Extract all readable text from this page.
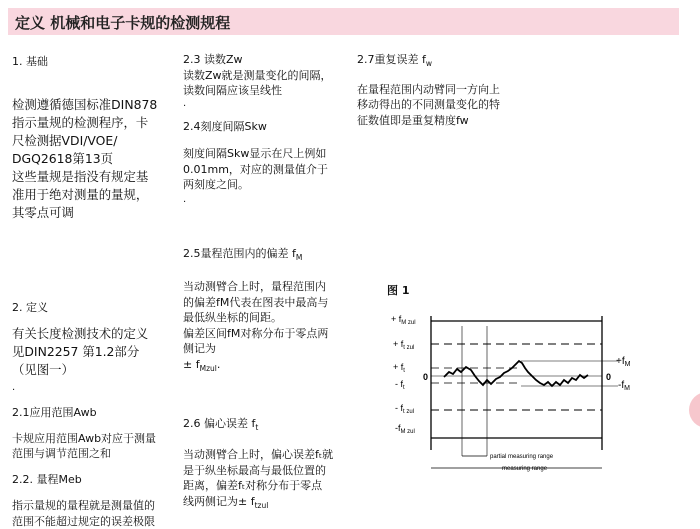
定义 机械和电子卡规的检测规程

1. 基础

检测遵循德国标准DIN878

指示量规的检测程序，卡

尺检测据VDI/VOE/

DGQ2618第13页

这些量规是指没有规定基

准用于绝对测量的量规，

其零点可调

2. 定义

有关长度检测技术的定义

见DIN2257 第1.2部分

（见图一）

.

2.1应用范围Awb

卡规应用范围Awb对应于测量

范围与调节范围之和

2.2. 量程Meb

指示量规的量程就是测量值的

范围不能超过规定的误差极限

2.3 读数Zw

读数Zw就是测量变化的间隔，

读数间隔应该呈线性

.

2.4刻度间隔Skw

刻度间隔Skw显示在尺上例如

0.01mm，对应的测量值介于

两刻度之间。

.

2.5量程范围内的偏差 $f_M$

当动测臂合上时，量程范围内

的偏差fM代表在图表中最高与

最低纵坐标的间距。

偏差区间fM对称分布于零点两

侧记为

± $f_{Mzul}$.

2.6 偏心误差 $f_t$

当动测臂合上时，偏心误差fₜ就

是于纵坐标最高与最低位置的

距离，偏差fₜ对称分布于零点

线两侧记为± $f_{tzul}$

2.7重复误差 $f_w$

在量程范围内动臂同一方向上

移动得出的不同测量变化的特

征数值即是重复精度fw

图 1
+ $f_{M zul}$
+ $f_{t zul}$
+ $f_t$
- $f_t$
0	0
- $f_{t zul}$
$-f_{M zul}$
$+f_M$
$-f_M$
partial measuring range
measuring range
